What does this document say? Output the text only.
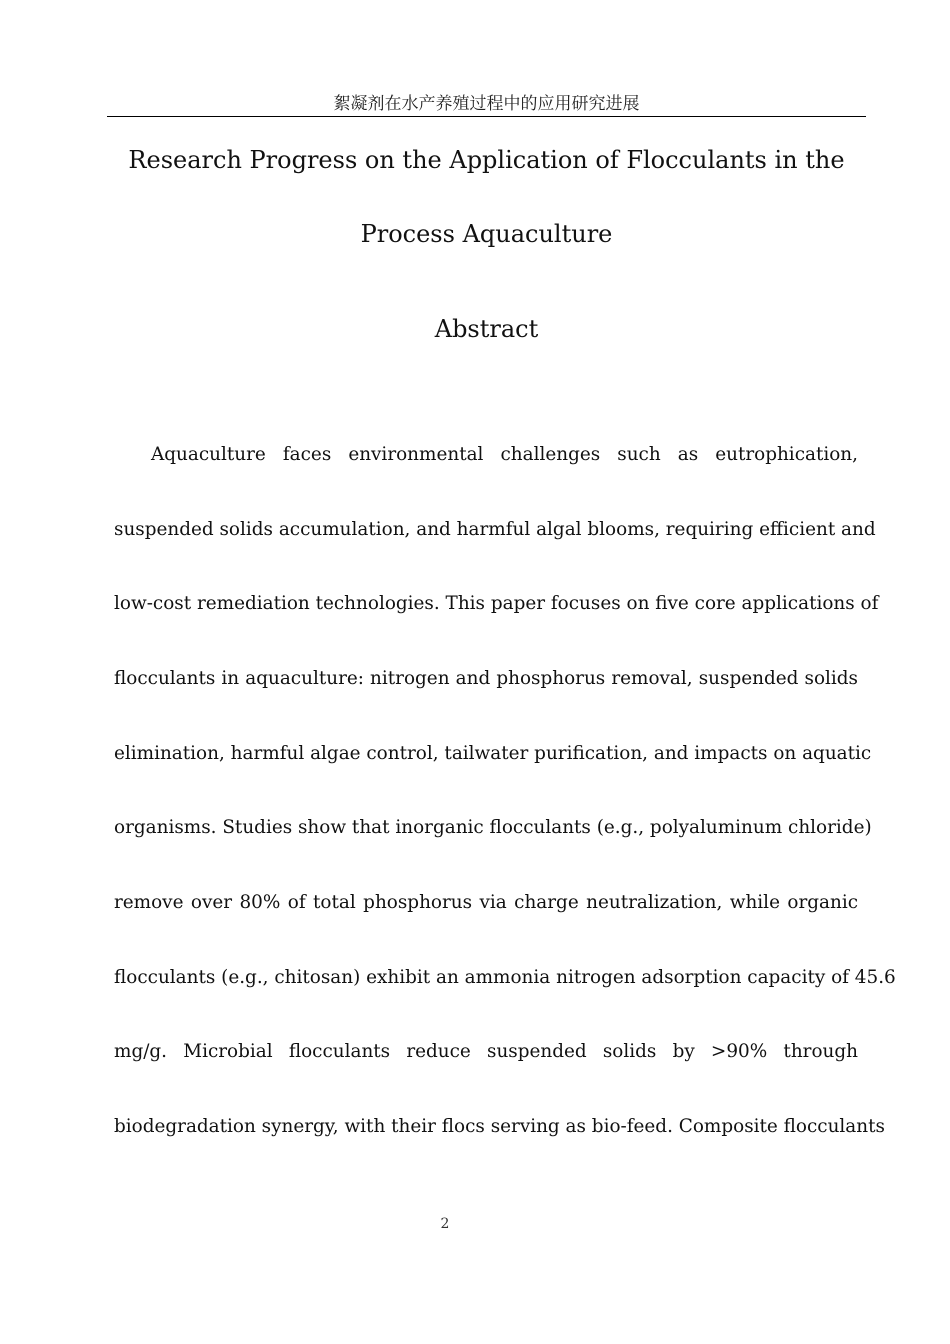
絮凝剂在水产养殖过程中的应用研究进展
Research Progress on the Application of Flocculants in the
Process Aquaculture
Abstract
Aquaculture faces environmental challenges such as eutrophication,
suspended solids accumulation, and harmful algal blooms, requiring efficient and
low-cost remediation technologies. This paper focuses on five core applications of
flocculants in aquaculture: nitrogen and phosphorus removal, suspended solids
elimination, harmful algae control, tailwater purification, and impacts on aquatic
organisms. Studies show that inorganic flocculants (e.g., polyaluminum chloride)
remove over 80% of total phosphorus via charge neutralization, while organic
flocculants (e.g., chitosan) exhibit an ammonia nitrogen adsorption capacity of 45.6
mg/g. Microbial flocculants reduce suspended solids by >90% through
biodegradation synergy, with their flocs serving as bio-feed. Composite flocculants
2
